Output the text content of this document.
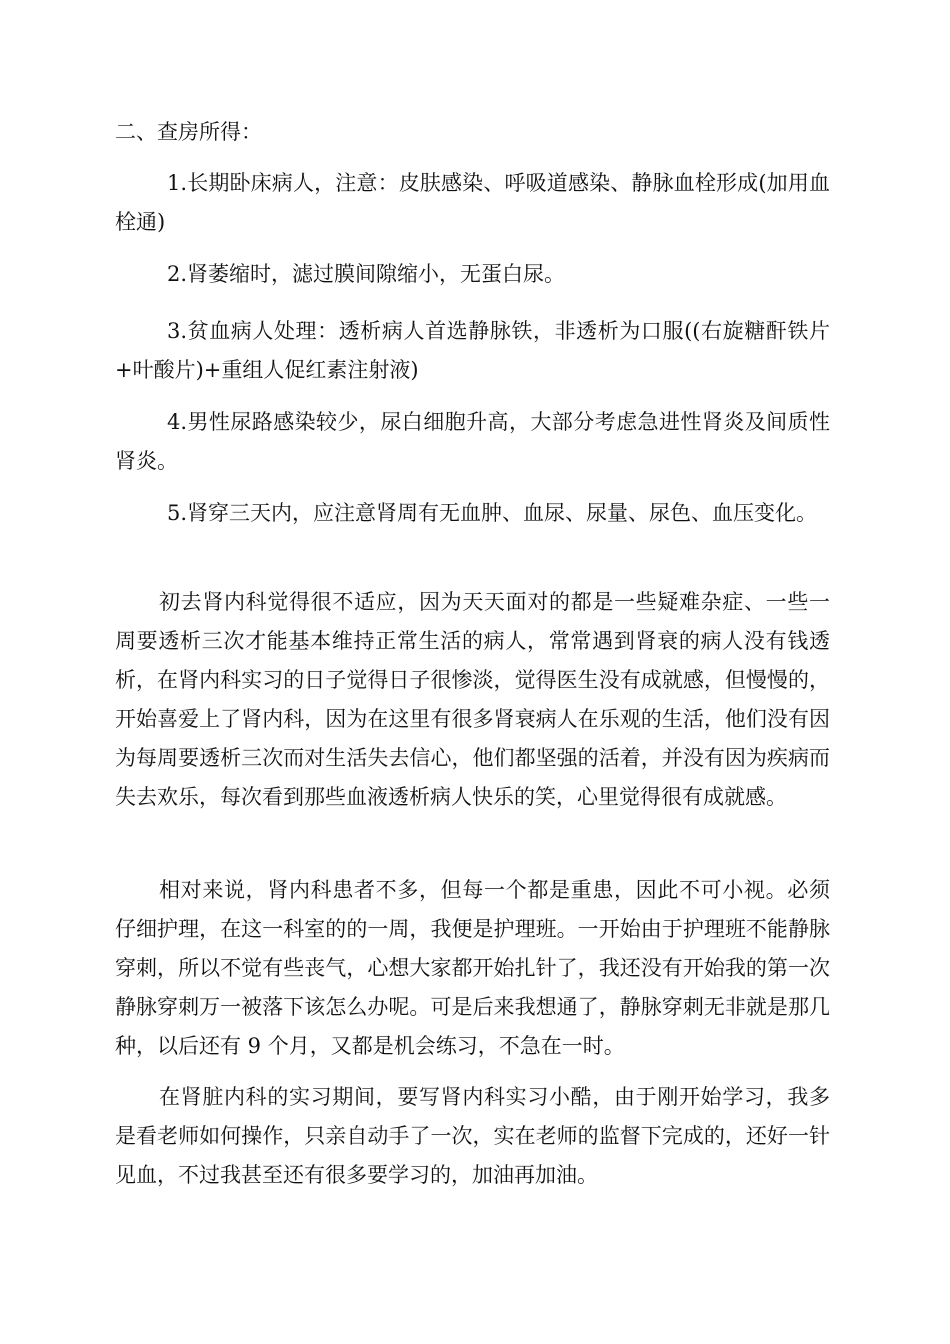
二、查房所得：

1.长期卧床病人，注意：皮肤感染、呼吸道感染、静脉血栓形成(加用血栓通)

2.肾萎缩时，滤过膜间隙缩小，无蛋白尿。

3.贫血病人处理：透析病人首选静脉铁，非透析为口服((右旋糖酐铁片+叶酸片)+重组人促红素注射液)

4.男性尿路感染较少，尿白细胞升高，大部分考虑急进性肾炎及间质性肾炎。

5.肾穿三天内，应注意肾周有无血肿、血尿、尿量、尿色、血压变化。

初去肾内科觉得很不适应，因为天天面对的都是一些疑难杂症、一些一周要透析三次才能基本维持正常生活的病人，常常遇到肾衰的病人没有钱透析，在肾内科实习的日子觉得日子很惨淡，觉得医生没有成就感，但慢慢的，开始喜爱上了肾内科，因为在这里有很多肾衰病人在乐观的生活，他们没有因为每周要透析三次而对生活失去信心，他们都坚强的活着，并没有因为疾病而失去欢乐，每次看到那些血液透析病人快乐的笑，心里觉得很有成就感。

相对来说，肾内科患者不多，但每一个都是重患，因此不可小视。必须仔细护理，在这一科室的的一周，我便是护理班。一开始由于护理班不能静脉穿刺，所以不觉有些丧气，心想大家都开始扎针了，我还没有开始我的第一次静脉穿刺万一被落下该怎么办呢。可是后来我想通了，静脉穿刺无非就是那几种，以后还有 9 个月，又都是机会练习，不急在一时。

在肾脏内科的实习期间，要写肾内科实习小酷，由于刚开始学习，我多是看老师如何操作，只亲自动手了一次，实在老师的监督下完成的，还好一针见血，不过我甚至还有很多要学习的，加油再加油。
